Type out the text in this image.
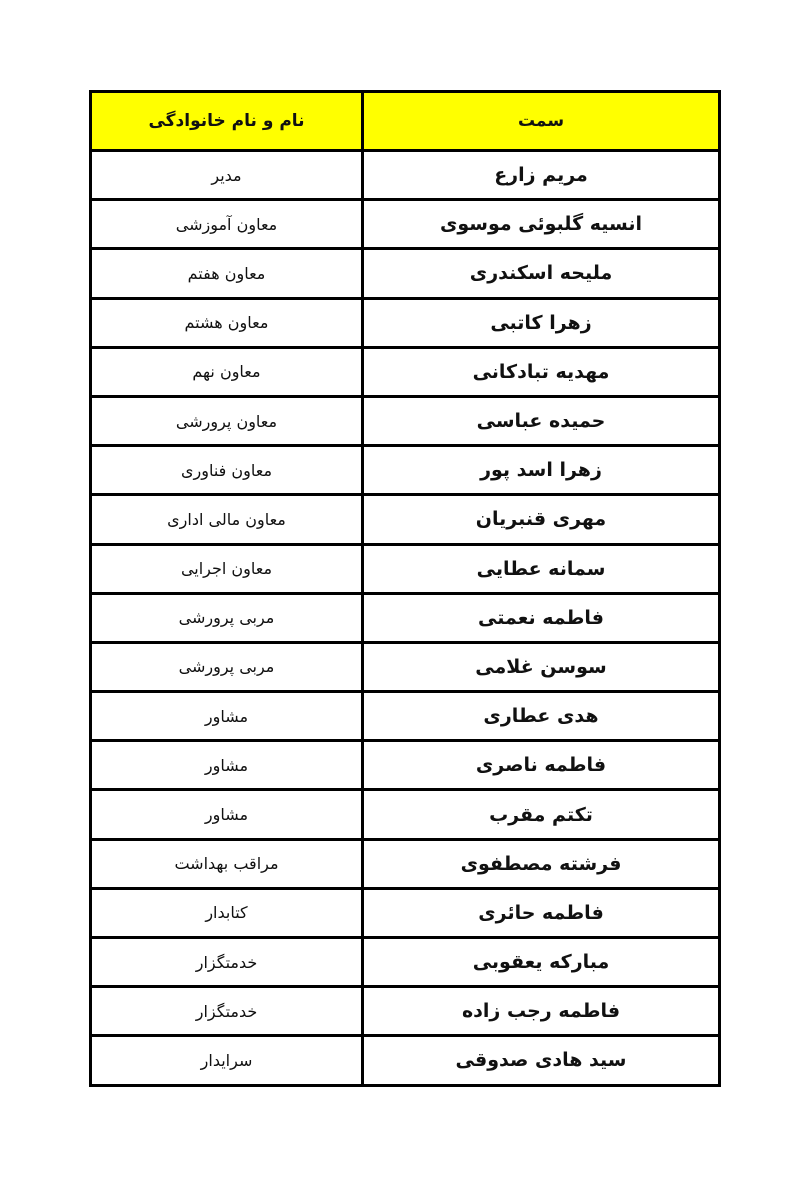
نام و نام خانوادگی	سمت
مدیر	مریم زارع
معاون آموزشی	انسیه گلبوئی موسوی
معاون هفتم	ملیحه اسکندری
معاون هشتم	زهرا کاتبی
معاون نهم	مهدیه تبادکانی
معاون پرورشی	حمیده عباسی
معاون فناوری	زهرا اسد پور
معاون مالی اداری	مهری قنبریان
معاون اجرایی	سمانه عطایی
مربی پرورشی	فاطمه نعمتی
مربی پرورشی	سوسن غلامی
مشاور	هدی عطاری
مشاور	فاطمه ناصری
مشاور	تکتم مقرب
مراقب بهداشت	فرشته مصطفوی
کتابدار	فاطمه حائری
خدمتگزار	مبارکه یعقوبی
خدمتگزار	فاطمه رجب زاده
سرایدار	سید هادی صدوقی
